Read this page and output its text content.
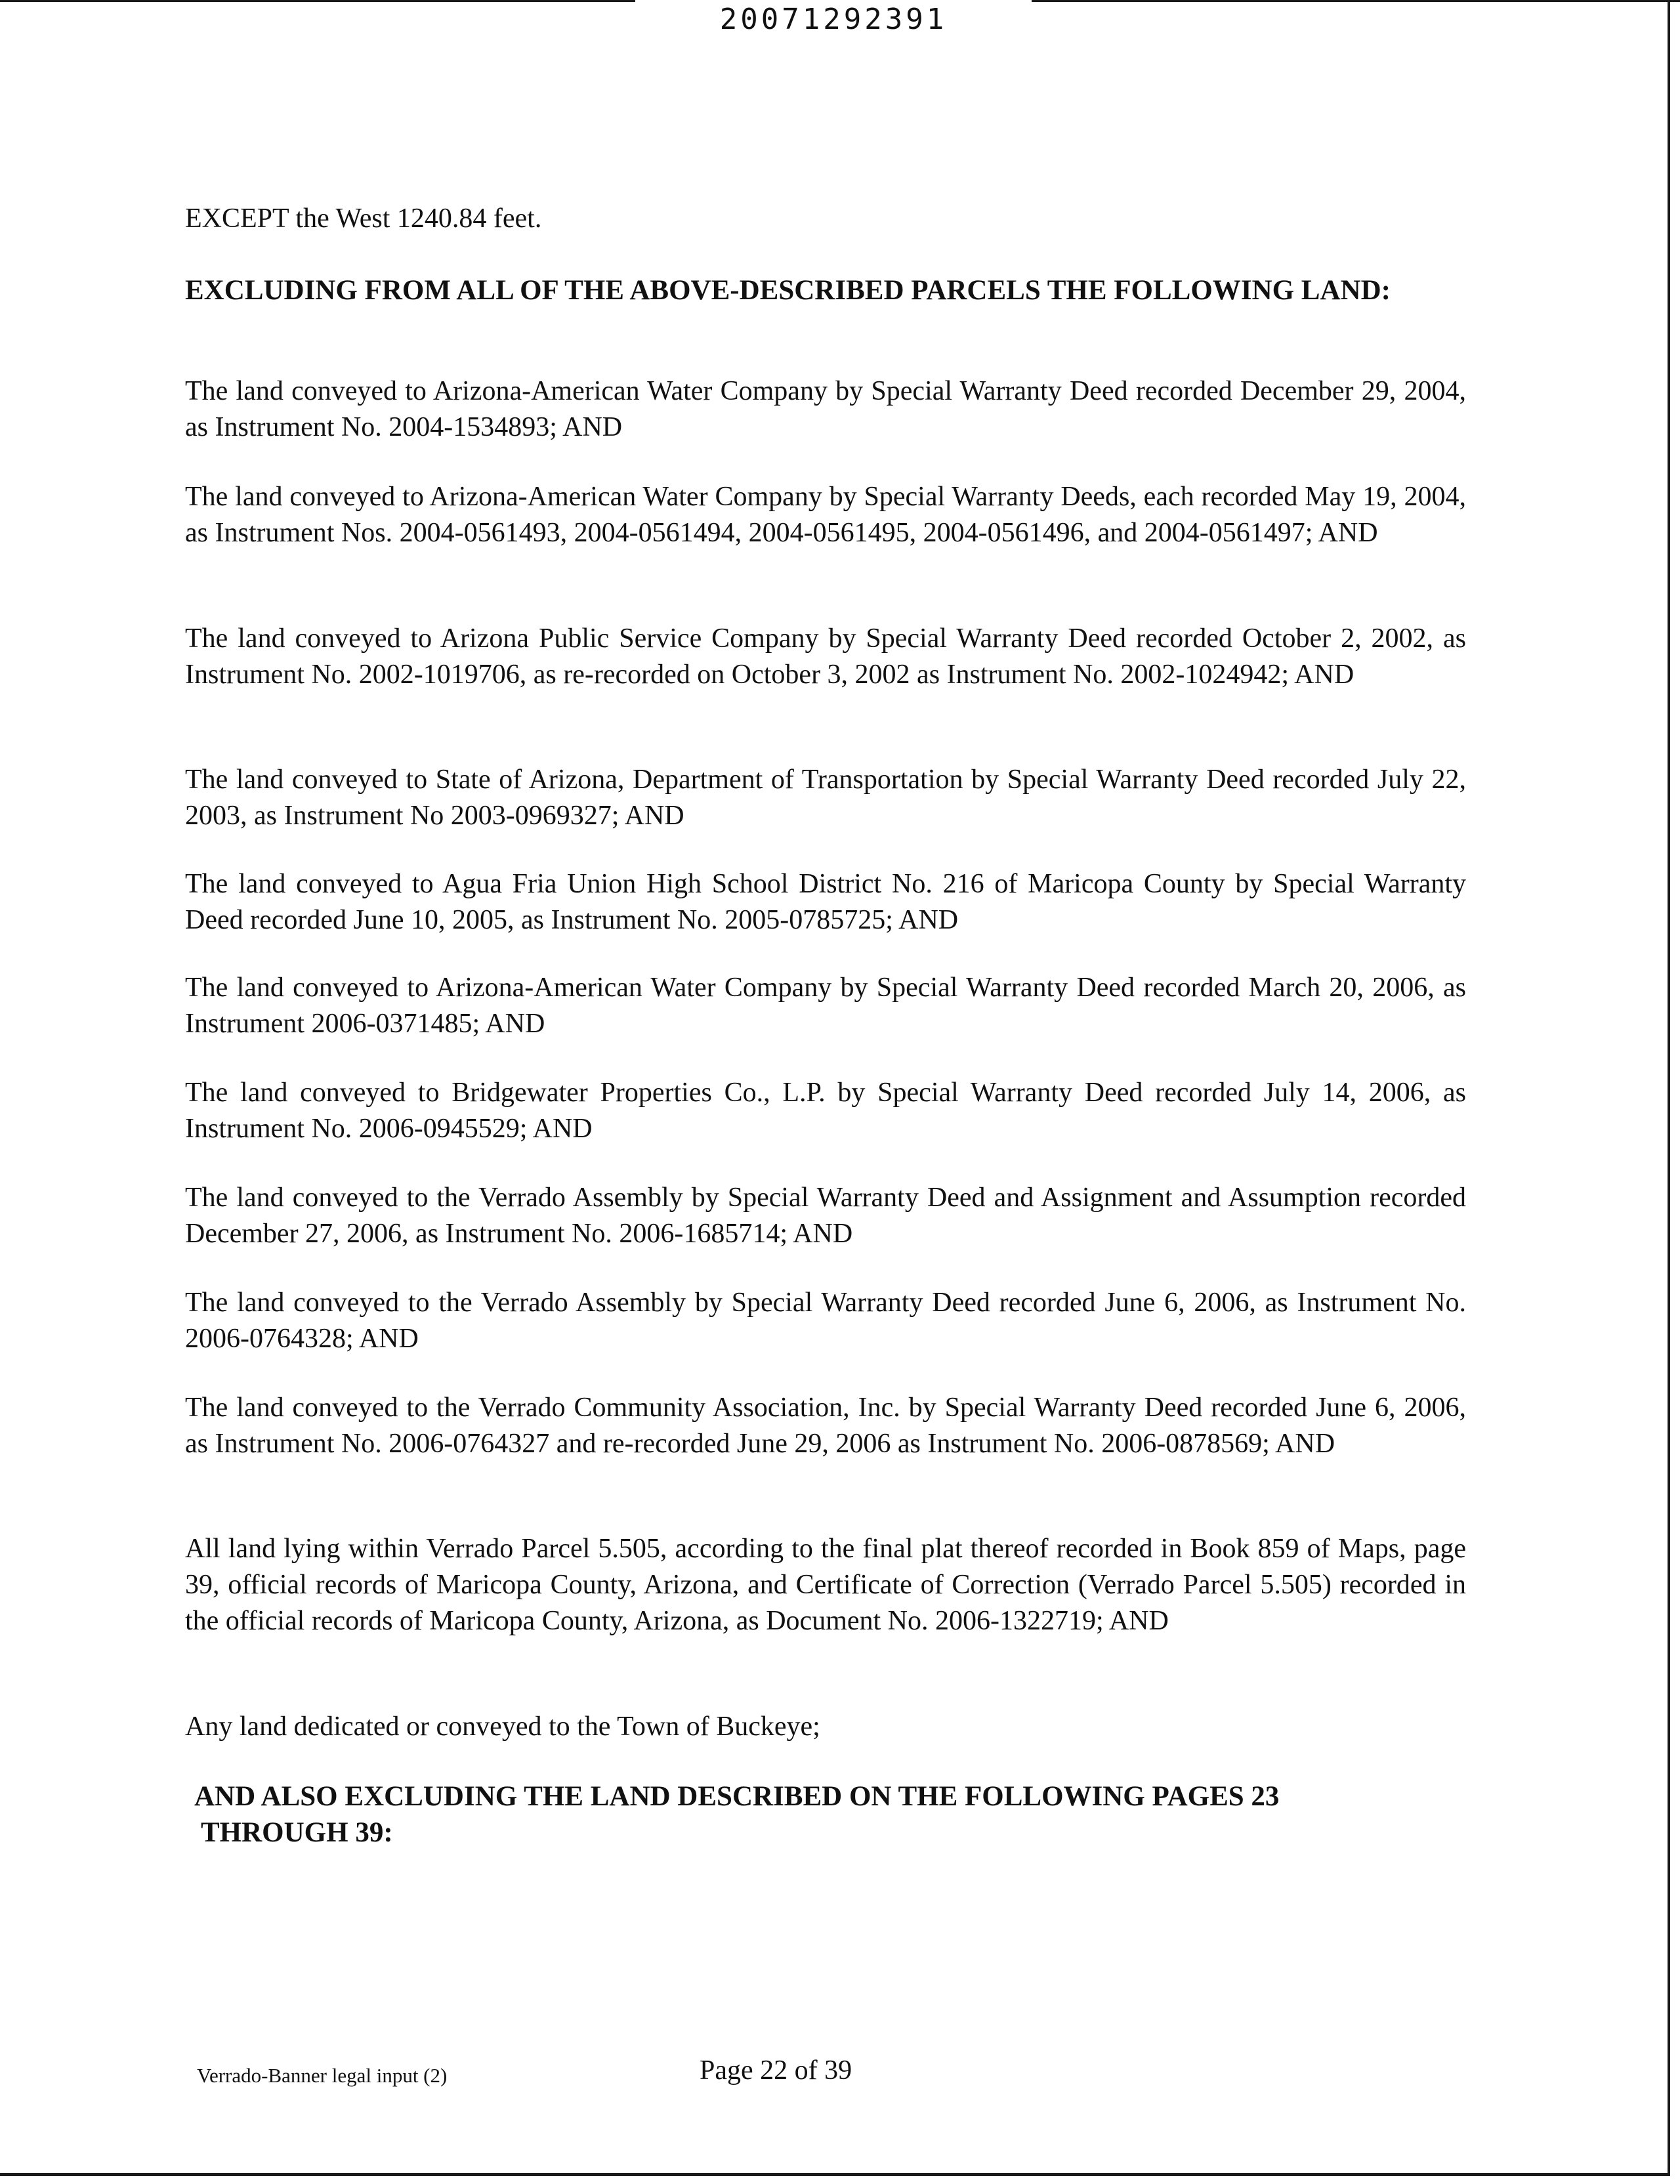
20071292391

EXCEPT the West 1240.84 feet.

EXCLUDING FROM ALL OF THE ABOVE-DESCRIBED PARCELS THE FOLLOWING LAND:

The land conveyed to Arizona-American Water Company by Special Warranty Deed recorded December 29, 2004, as Instrument No. 2004-1534893; AND

The land conveyed to Arizona-American Water Company by Special Warranty Deeds, each recorded May 19, 2004, as Instrument Nos. 2004-0561493, 2004-0561494, 2004-0561495, 2004-0561496, and 2004-0561497; AND

The land conveyed to Arizona Public Service Company by Special Warranty Deed recorded October 2, 2002, as Instrument No. 2002-1019706, as re-recorded on October 3, 2002 as Instrument No. 2002-1024942; AND

The land conveyed to State of Arizona, Department of Transportation by Special Warranty Deed recorded July 22, 2003, as Instrument No 2003-0969327; AND

The land conveyed to Agua Fria Union High School District No. 216 of Maricopa County by Special Warranty Deed recorded June 10, 2005, as Instrument No. 2005-0785725; AND

The land conveyed to Arizona-American Water Company by Special Warranty Deed recorded March 20, 2006, as Instrument 2006-0371485; AND

The land conveyed to Bridgewater Properties Co., L.P. by Special Warranty Deed recorded July 14, 2006, as Instrument No. 2006-0945529; AND

The land conveyed to the Verrado Assembly by Special Warranty Deed and Assignment and Assumption recorded December 27, 2006, as Instrument No. 2006-1685714; AND

The land conveyed to the Verrado Assembly by Special Warranty Deed recorded June 6, 2006, as Instrument No. 2006-0764328; AND

The land conveyed to the Verrado Community Association, Inc. by Special Warranty Deed recorded June 6, 2006, as Instrument No. 2006-0764327 and re-recorded June 29, 2006 as Instrument No. 2006-0878569; AND

All land lying within Verrado Parcel 5.505, according to the final plat thereof recorded in Book 859 of Maps, page 39, official records of Maricopa County, Arizona, and Certificate of Correction (Verrado Parcel 5.505) recorded in the official records of Maricopa County, Arizona, as Document No. 2006-1322719; AND

Any land dedicated or conveyed to the Town of Buckeye;

AND ALSO EXCLUDING THE LAND DESCRIBED ON THE FOLLOWING PAGES 23

THROUGH 39:

Verrado-Banner legal input (2)	Page 22 of 39
